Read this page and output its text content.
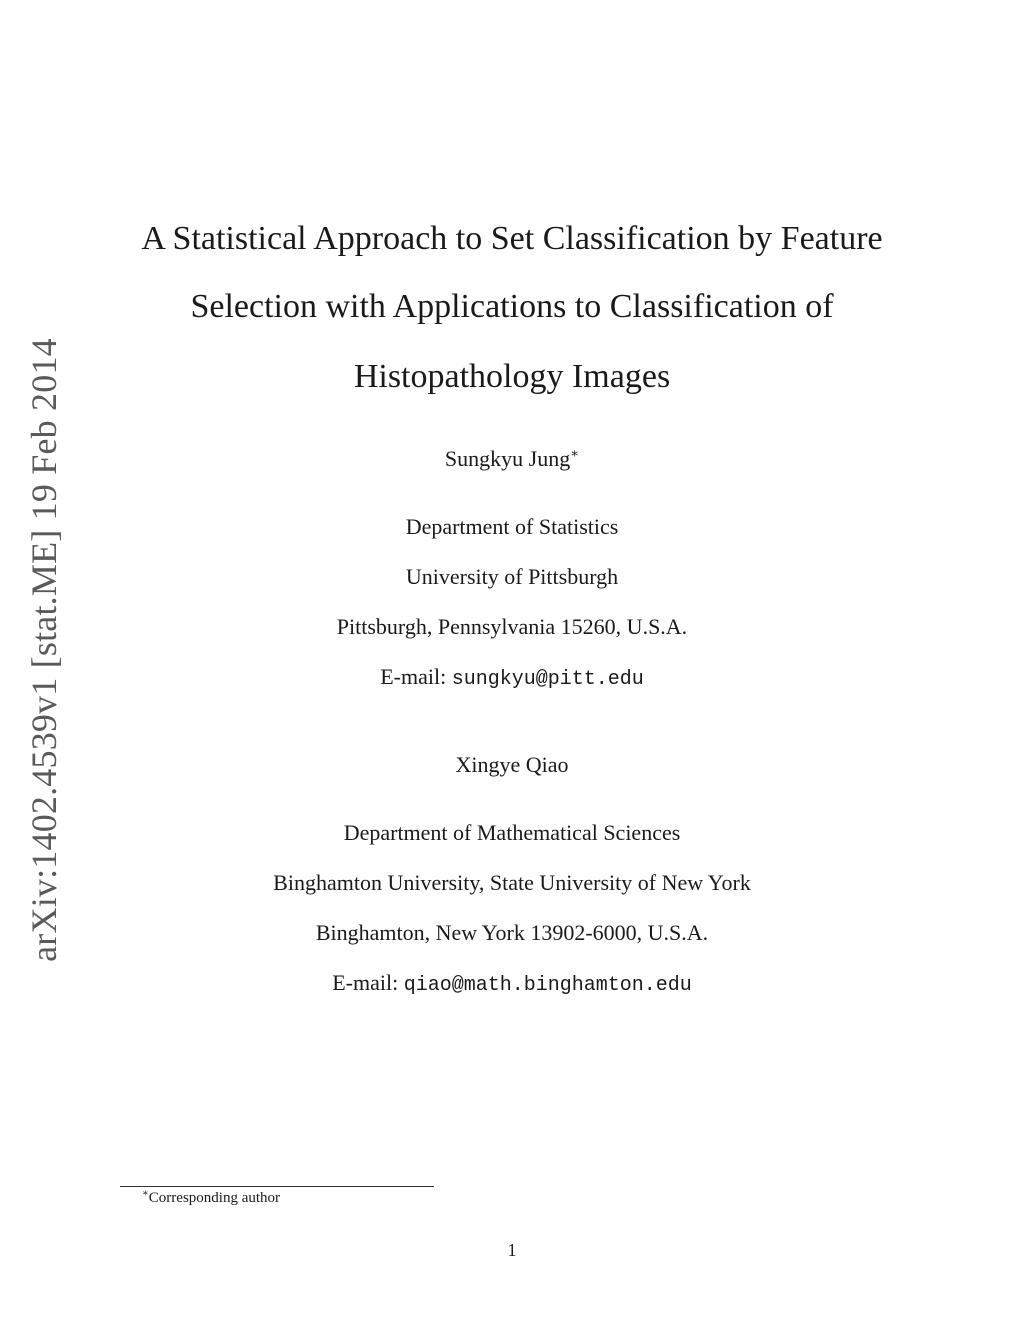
arXiv:1402.4539v1 [stat.ME] 19 Feb 2014
A Statistical Approach to Set Classification by Feature
Selection with Applications to Classification of
Histopathology Images
Sungkyu Jung∗
Department of Statistics
University of Pittsburgh
Pittsburgh, Pennsylvania 15260, U.S.A.
E-mail: sungkyu@pitt.edu
Xingye Qiao
Department of Mathematical Sciences
Binghamton University, State University of New York
Binghamton, New York 13902-6000, U.S.A.
E-mail: qiao@math.binghamton.edu
∗Corresponding author
1
